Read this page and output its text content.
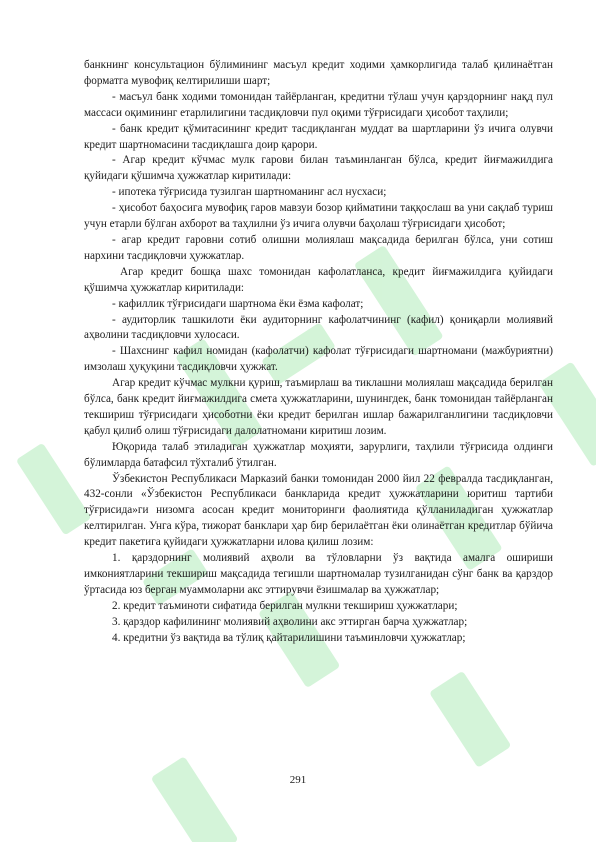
банкнинг консультацион бўлимининг масъул кредит ходими ҳамкорлигида талаб қилинаётган форматга мувофиқ келтирилиши шарт;

- масъул банк ходими томонидан тайёрланган, кредитни тўлаш учун қарздорнинг нақд пул массаси оқимининг етарлилигини тасдиқловчи пул оқими тўғрисидаги ҳисобот таҳлили;

- банк кредит қўмитасининг кредит тасдиқланган муддат ва шартларини ўз ичига олувчи кредит шартномасини тасдиқлашга доир қарори.

- Агар кредит кўчмас мулк гарови билан таъминланган бўлса, кредит йиғмажилдига қуйидаги қўшимча ҳужжатлар киритилади:

- ипотека тўғрисида тузилган шартноманинг асл нусхаси;

- ҳисобот баҳосига мувофиқ гаров мавзуи бозор қийматини таққослаш ва уни сақлаб туриш учун етарли бўлган ахборот ва таҳлилни ўз ичига олувчи баҳолаш тўғрисидаги ҳисобот;

- агар кредит гаровни сотиб олишни молиялаш мақсадида берилган бўлса, уни сотиш нархини тасдиқловчи ҳужжатлар.

Агар кредит бошқа шахс томонидан кафолатланса, кредит йиғмажилдига қуйидаги қўшимча ҳужжатлар киритилади:

- кафиллик тўғрисидаги шартнома ёки ёзма кафолат;

- аудиторлик ташкилоти ёки аудиторнинг кафолатчининг (кафил) қониқарли молиявий аҳволини тасдиқловчи хулосаси.

- Шахснинг кафил номидан (кафолатчи) кафолат тўғрисидаги шартномани (мажбуриятни) имзолаш ҳуқуқини тасдиқловчи ҳужжат.

Агар кредит кўчмас мулкни қуриш, таъмирлаш ва тиклашни молиялаш мақсадида берилган бўлса, банк кредит йиғмажилдига смета ҳужжатларини, шунингдек, банк томонидан тайёрланган текшириш тўғрисидаги ҳисоботни ёки кредит берилган ишлар бажарилганлигини тасдиқловчи қабул қилиб олиш тўғрисидаги далолатномани киритиш лозим.

Юқорида талаб этиладиган ҳужжатлар моҳияти, зарурлиги, таҳлили тўғрисида олдинги бўлимларда батафсил тўхталиб ўтилган.

Ўзбекистон Республикаси Марказий банки томонидан 2000 йил 22 февралда тасдиқланган, 432-сонли «Ўзбекистон Республикаси банкларида кредит ҳужжатларини юритиш тартиби тўғрисида»ги низомга асосан кредит мониторинги фаолиятида қўлланиладиган ҳужжатлар келтирилган. Унга кўра, тижорат банклари ҳар бир берилаётган ёки олинаётган кредитлар бўйича кредит пакетига қуйидаги ҳужжатларни илова қилиш лозим:

1. қарздорнинг молиявий аҳволи ва тўловларни ўз вақтида амалга ошириши имкониятларини текшириш мақсадида тегишли шартномалар тузилганидан сўнг банк ва қарздор ўртасида юз берган муаммоларни акс эттирувчи ёзишмалар ва ҳужжатлар;

2. кредит таъминоти сифатида берилган мулкни текшириш ҳужжатлари;

3. қарздор кафилининг молиявий аҳволини акс эттирган барча ҳужжатлар;

4. кредитни ўз вақтида ва тўлиқ қайтарилишини таъминловчи ҳужжатлар;

291
